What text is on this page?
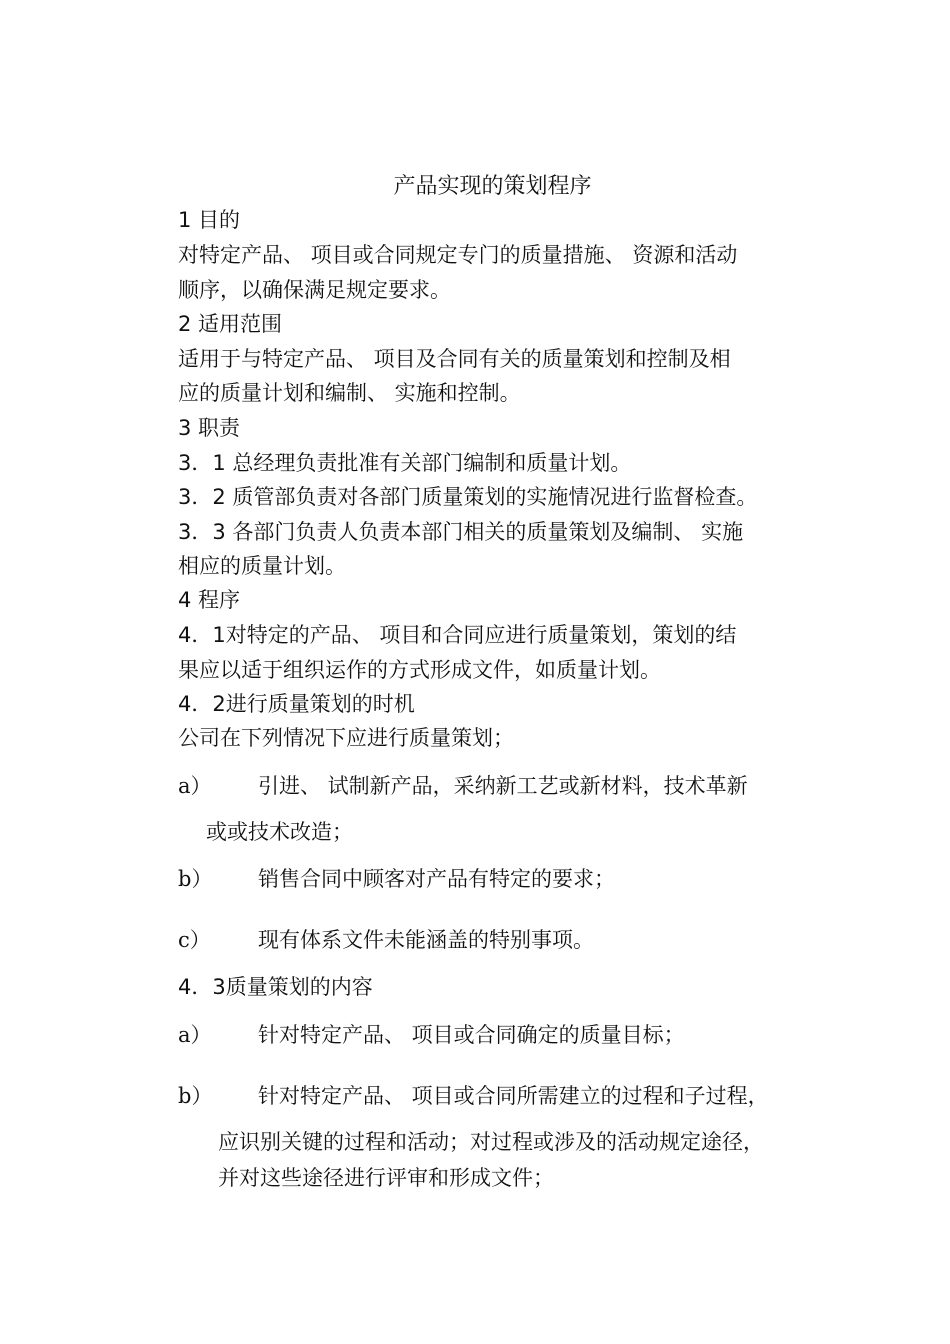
产品实现的策划程序
1 目的
对特定产品、 项目或合同规定专门的质量措施、 资源和活动
顺序，以确保满足规定要求。
2 适用范围
适用于与特定产品、 项目及合同有关的质量策划和控制及相
应的质量计划和编制、 实施和控制。
3 职责
3．1 总经理负责批准有关部门编制和质量计划。
3．2 质管部负责对各部门质量策划的实施情况进行监督检查。
3．3 各部门负责人负责本部门相关的质量策划及编制、 实施
相应的质量计划。
4 程序
4．1对特定的产品、 项目和合同应进行质量策划，策划的结
果应以适于组织运作的方式形成文件，如质量计划。
4．2进行质量策划的时机
公司在下列情况下应进行质量策划；
a） 引进、 试制新产品，采纳新工艺或新材料，技术革新
或或技术改造；
b） 销售合同中顾客对产品有特定的要求；
c） 现有体系文件未能涵盖的特别事项。
4．3质量策划的内容
a） 针对特定产品、 项目或合同确定的质量目标；
b） 针对特定产品、 项目或合同所需建立的过程和子过程，
应识别关键的过程和活动；对过程或涉及的活动规定途径，
并对这些途径进行评审和形成文件；
